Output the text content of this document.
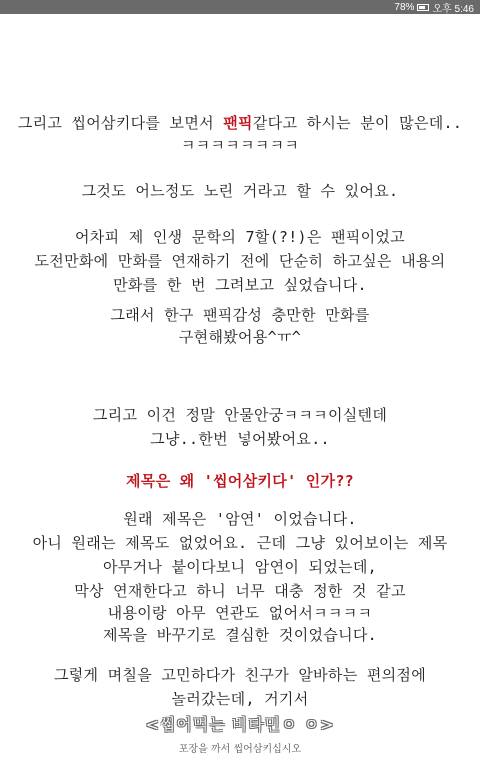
78% 오후 5:46
그리고 씹어삼키다를 보면서 팬픽같다고 하시는 분이 많은데..
ㅋㅋㅋㅋㅋㅋㅋㅋ
그것도 어느정도 노린 거라고 할 수 있어요.
어차피 제 인생 문학의 7할(?!)은 팬픽이었고
도전만화에 만화를 연재하기 전에 단순히 하고싶은 내용의
만화를 한 번 그려보고 싶었습니다.
그래서 한구 팬픽감성 충만한 만화를
구현해봤어용^ㅠ^
그리고 이건 정말 안물안궁ㅋㅋㅋ이실텐데
그냥..한번 넣어봤어요..
제목은 왜 '씹어삼키다' 인가??
원래 제목은 '암연' 이었습니다.
아니 원래는 제목도 없었어요. 근데 그냥 있어보이는 제목
아무거나 붙이다보니 암연이 되었는데,
막상 연재한다고 하니 너무 대충 정한 것 같고
내용이랑 아무 연관도 없어서ㅋㅋㅋㅋ
제목을 바꾸기로 결심한 것이었습니다.
그렇게 며칠을 고민하다가 친구가 알바하는 편의점에
놀러갔는데, 거기서
<씹어먹는 비타민ㅇ ㅇ>
포장을 까서 씹어삼키십시오
